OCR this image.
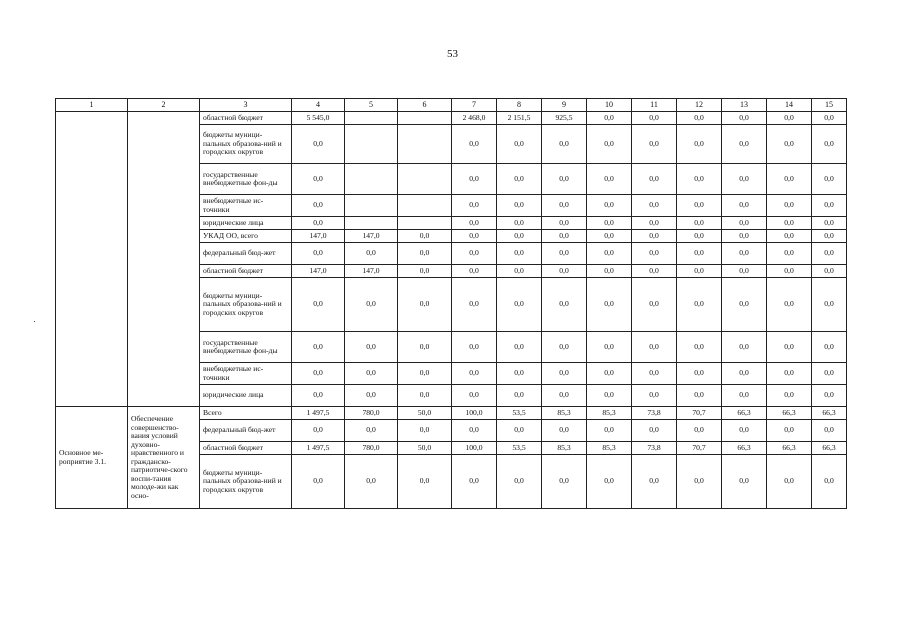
53
1	2	3	4	5	6	7	8	9	10	11	12	13	14	15
		областной бюджет	5 545,0			2 468,0	2 151,5	925,5	0,0	0,0	0,0	0,0	0,0	0,0
		бюджеты муници-пальных образова-ний и городских округов	0,0			0,0	0,0	0,0	0,0	0,0	0,0	0,0	0,0	0,0
		государственные внебюджетные фон-ды	0,0			0,0	0,0	0,0	0,0	0,0	0,0	0,0	0,0	0,0
		внебюджетные ис-точники	0,0			0,0	0,0	0,0	0,0	0,0	0,0	0,0	0,0	0,0
		юридические лица	0,0			0,0	0,0	0,0	0,0	0,0	0,0	0,0	0,0	0,0
		УКАД ОО, всего	147,0	147,0	0,0	0,0	0,0	0,0	0,0	0,0	0,0	0,0	0,0	0,0
		федеральный бюд-жет	0,0	0,0	0,0	0,0	0,0	0,0	0,0	0,0	0,0	0,0	0,0	0,0
		областной бюджет	147,0	147,0	0,0	0,0	0,0	0,0	0,0	0,0	0,0	0,0	0,0	0,0
		бюджеты муници-пальных образова-ний и городских округов	0,0	0,0	0,0	0,0	0,0	0,0	0,0	0,0	0,0	0,0	0,0	0,0
		государственные внебюджетные фон-ды	0,0	0,0	0,0	0,0	0,0	0,0	0,0	0,0	0,0	0,0	0,0	0,0
		внебюджетные ис-точники	0,0	0,0	0,0	0,0	0,0	0,0	0,0	0,0	0,0	0,0	0,0	0,0
		юридические лица	0,0	0,0	0,0	0,0	0,0	0,0	0,0	0,0	0,0	0,0	0,0	0,0
Основное ме-роприятие 3.1.	Обеспечение совершенство-вания условий духовно-нравственного и гражданско-патриотиче-ского воспи-тания молоде-жи как осно-	Всего	1 497,5	780,0	50,0	100,0	53,5	85,3	85,3	73,8	70,7	66,3	66,3	66,3
		федеральный бюд-жет	0,0	0,0	0,0	0,0	0,0	0,0	0,0	0,0	0,0	0,0	0,0	0,0
		областной бюджет	1 497,5	780,0	50,0	100,0	53,5	85,3	85,3	73,8	70,7	66,3	66,3	66,3
		бюджеты муници-пальных образова-ний и городских округов	0,0	0,0	0,0	0,0	0,0	0,0	0,0	0,0	0,0	0,0	0,0	0,0
